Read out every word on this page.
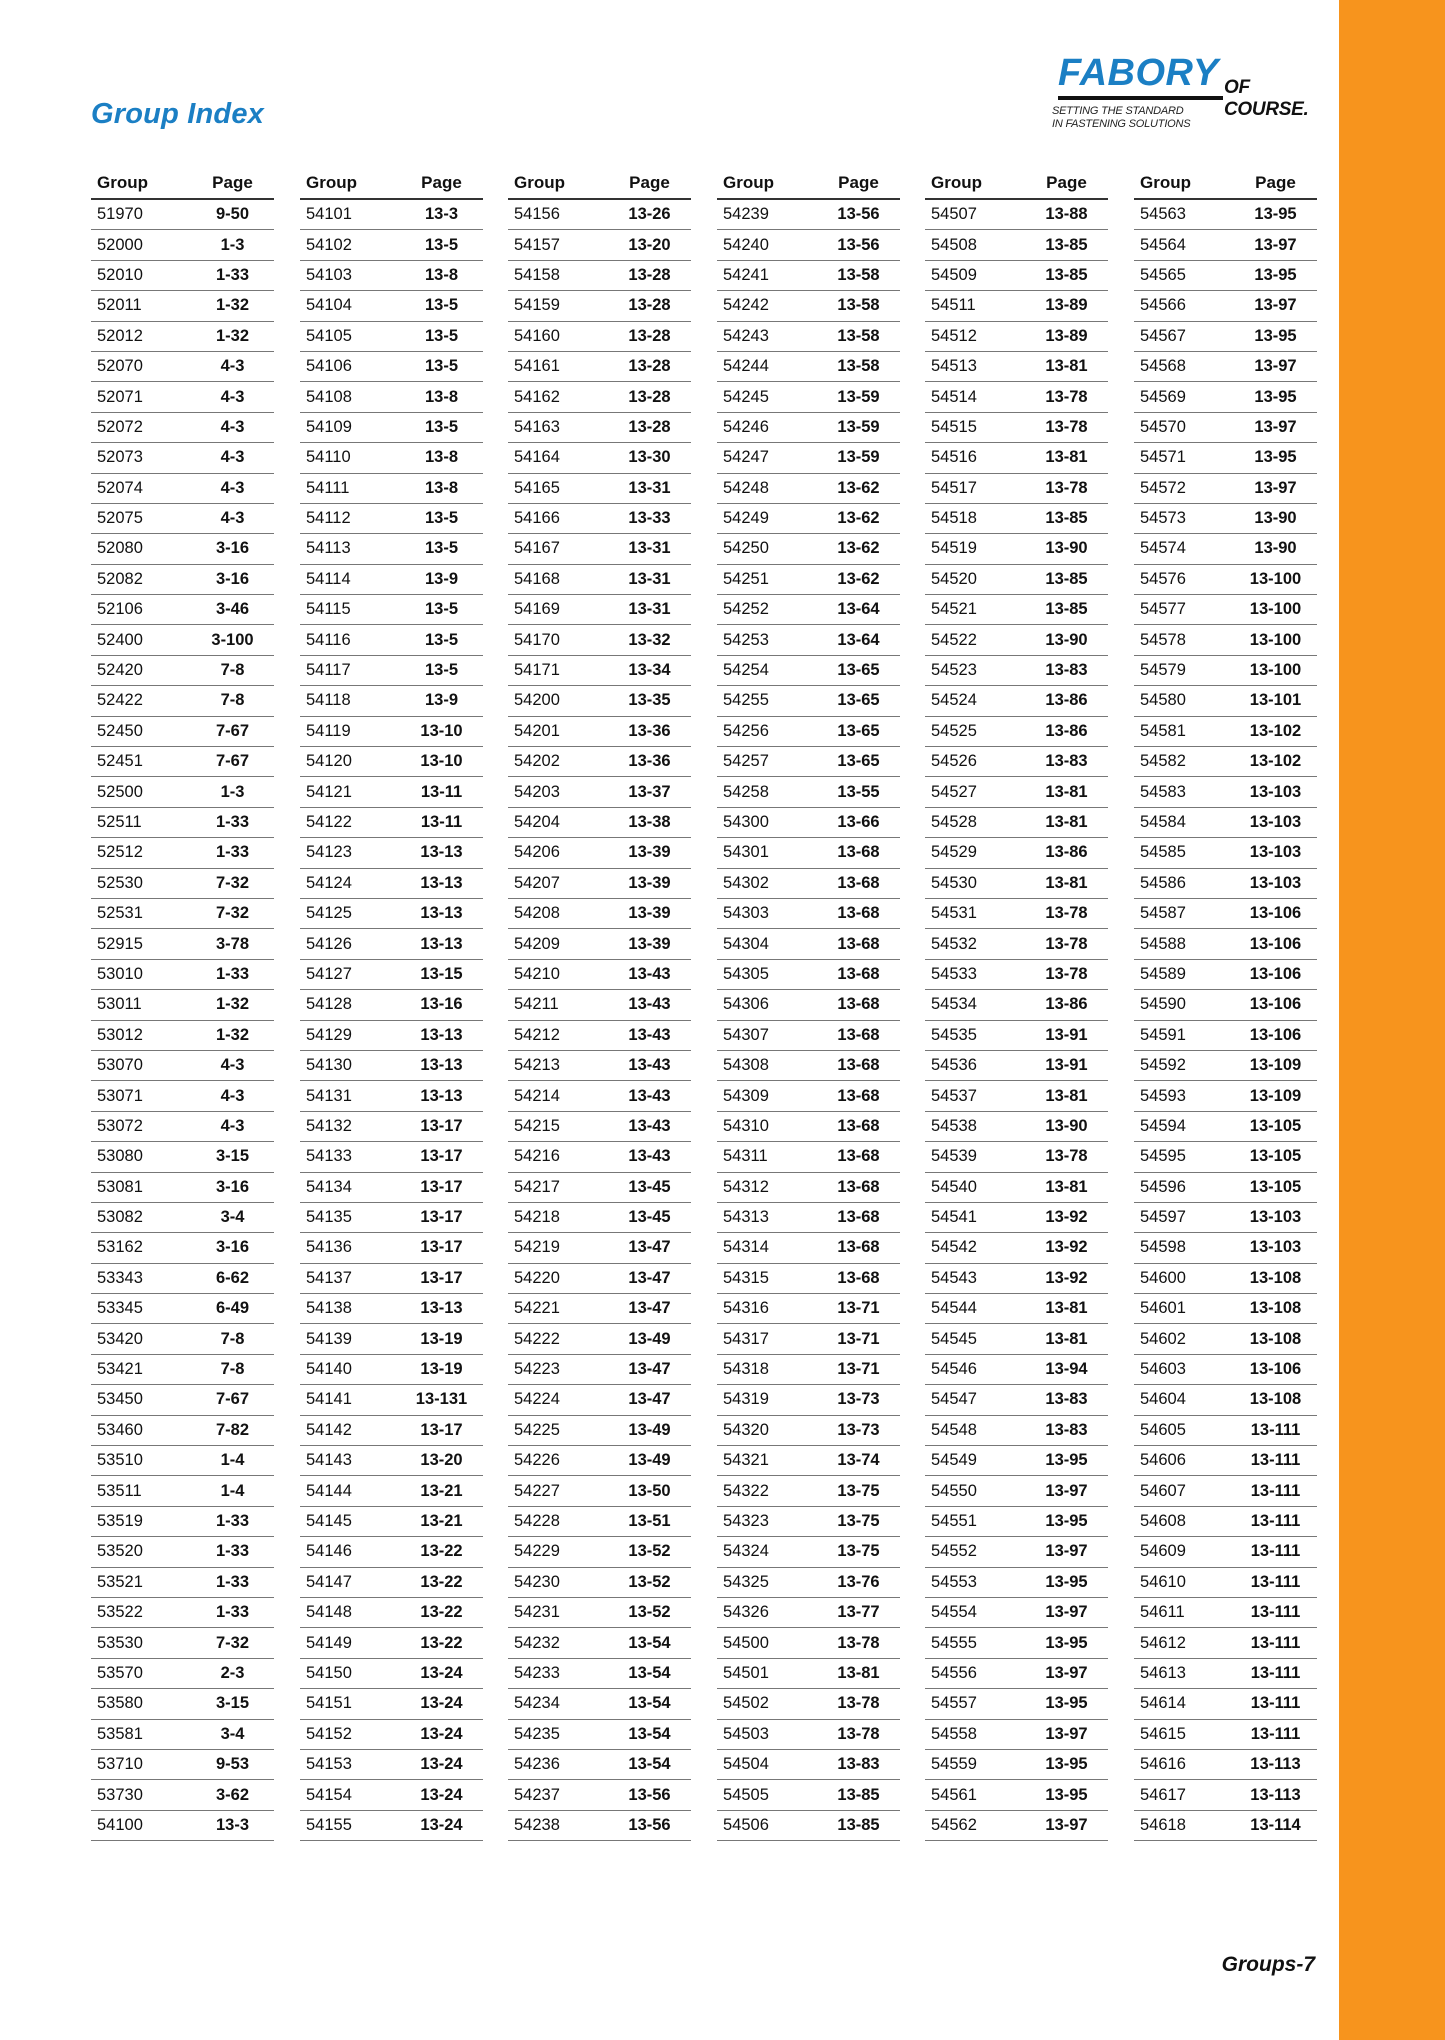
Group Index
FABORY OF COURSE.
SETTING THE STANDARD
IN FASTENING SOLUTIONS
Group	Page
51970	9-50
52000	1-3
52010	1-33
52011	1-32
52012	1-32
52070	4-3
52071	4-3
52072	4-3
52073	4-3
52074	4-3
52075	4-3
52080	3-16
52082	3-16
52106	3-46
52400	3-100
52420	7-8
52422	7-8
52450	7-67
52451	7-67
52500	1-3
52511	1-33
52512	1-33
52530	7-32
52531	7-32
52915	3-78
53010	1-33
53011	1-32
53012	1-32
53070	4-3
53071	4-3
53072	4-3
53080	3-15
53081	3-16
53082	3-4
53162	3-16
53343	6-62
53345	6-49
53420	7-8
53421	7-8
53450	7-67
53460	7-82
53510	1-4
53511	1-4
53519	1-33
53520	1-33
53521	1-33
53522	1-33
53530	7-32
53570	2-3
53580	3-15
53581	3-4
53710	9-53
53730	3-62
54100	13-3
Group	Page
54101	13-3
54102	13-5
54103	13-8
54104	13-5
54105	13-5
54106	13-5
54108	13-8
54109	13-5
54110	13-8
54111	13-8
54112	13-5
54113	13-5
54114	13-9
54115	13-5
54116	13-5
54117	13-5
54118	13-9
54119	13-10
54120	13-10
54121	13-11
54122	13-11
54123	13-13
54124	13-13
54125	13-13
54126	13-13
54127	13-15
54128	13-16
54129	13-13
54130	13-13
54131	13-13
54132	13-17
54133	13-17
54134	13-17
54135	13-17
54136	13-17
54137	13-17
54138	13-13
54139	13-19
54140	13-19
54141	13-131
54142	13-17
54143	13-20
54144	13-21
54145	13-21
54146	13-22
54147	13-22
54148	13-22
54149	13-22
54150	13-24
54151	13-24
54152	13-24
54153	13-24
54154	13-24
54155	13-24
Group	Page
54156	13-26
54157	13-20
54158	13-28
54159	13-28
54160	13-28
54161	13-28
54162	13-28
54163	13-28
54164	13-30
54165	13-31
54166	13-33
54167	13-31
54168	13-31
54169	13-31
54170	13-32
54171	13-34
54200	13-35
54201	13-36
54202	13-36
54203	13-37
54204	13-38
54206	13-39
54207	13-39
54208	13-39
54209	13-39
54210	13-43
54211	13-43
54212	13-43
54213	13-43
54214	13-43
54215	13-43
54216	13-43
54217	13-45
54218	13-45
54219	13-47
54220	13-47
54221	13-47
54222	13-49
54223	13-47
54224	13-47
54225	13-49
54226	13-49
54227	13-50
54228	13-51
54229	13-52
54230	13-52
54231	13-52
54232	13-54
54233	13-54
54234	13-54
54235	13-54
54236	13-54
54237	13-56
54238	13-56
Group	Page
54239	13-56
54240	13-56
54241	13-58
54242	13-58
54243	13-58
54244	13-58
54245	13-59
54246	13-59
54247	13-59
54248	13-62
54249	13-62
54250	13-62
54251	13-62
54252	13-64
54253	13-64
54254	13-65
54255	13-65
54256	13-65
54257	13-65
54258	13-55
54300	13-66
54301	13-68
54302	13-68
54303	13-68
54304	13-68
54305	13-68
54306	13-68
54307	13-68
54308	13-68
54309	13-68
54310	13-68
54311	13-68
54312	13-68
54313	13-68
54314	13-68
54315	13-68
54316	13-71
54317	13-71
54318	13-71
54319	13-73
54320	13-73
54321	13-74
54322	13-75
54323	13-75
54324	13-75
54325	13-76
54326	13-77
54500	13-78
54501	13-81
54502	13-78
54503	13-78
54504	13-83
54505	13-85
54506	13-85
Group	Page
54507	13-88
54508	13-85
54509	13-85
54511	13-89
54512	13-89
54513	13-81
54514	13-78
54515	13-78
54516	13-81
54517	13-78
54518	13-85
54519	13-90
54520	13-85
54521	13-85
54522	13-90
54523	13-83
54524	13-86
54525	13-86
54526	13-83
54527	13-81
54528	13-81
54529	13-86
54530	13-81
54531	13-78
54532	13-78
54533	13-78
54534	13-86
54535	13-91
54536	13-91
54537	13-81
54538	13-90
54539	13-78
54540	13-81
54541	13-92
54542	13-92
54543	13-92
54544	13-81
54545	13-81
54546	13-94
54547	13-83
54548	13-83
54549	13-95
54550	13-97
54551	13-95
54552	13-97
54553	13-95
54554	13-97
54555	13-95
54556	13-97
54557	13-95
54558	13-97
54559	13-95
54561	13-95
54562	13-97
Group	Page
54563	13-95
54564	13-97
54565	13-95
54566	13-97
54567	13-95
54568	13-97
54569	13-95
54570	13-97
54571	13-95
54572	13-97
54573	13-90
54574	13-90
54576	13-100
54577	13-100
54578	13-100
54579	13-100
54580	13-101
54581	13-102
54582	13-102
54583	13-103
54584	13-103
54585	13-103
54586	13-103
54587	13-106
54588	13-106
54589	13-106
54590	13-106
54591	13-106
54592	13-109
54593	13-109
54594	13-105
54595	13-105
54596	13-105
54597	13-103
54598	13-103
54600	13-108
54601	13-108
54602	13-108
54603	13-106
54604	13-108
54605	13-111
54606	13-111
54607	13-111
54608	13-111
54609	13-111
54610	13-111
54611	13-111
54612	13-111
54613	13-111
54614	13-111
54615	13-111
54616	13-113
54617	13-113
54618	13-114
Groups-7
